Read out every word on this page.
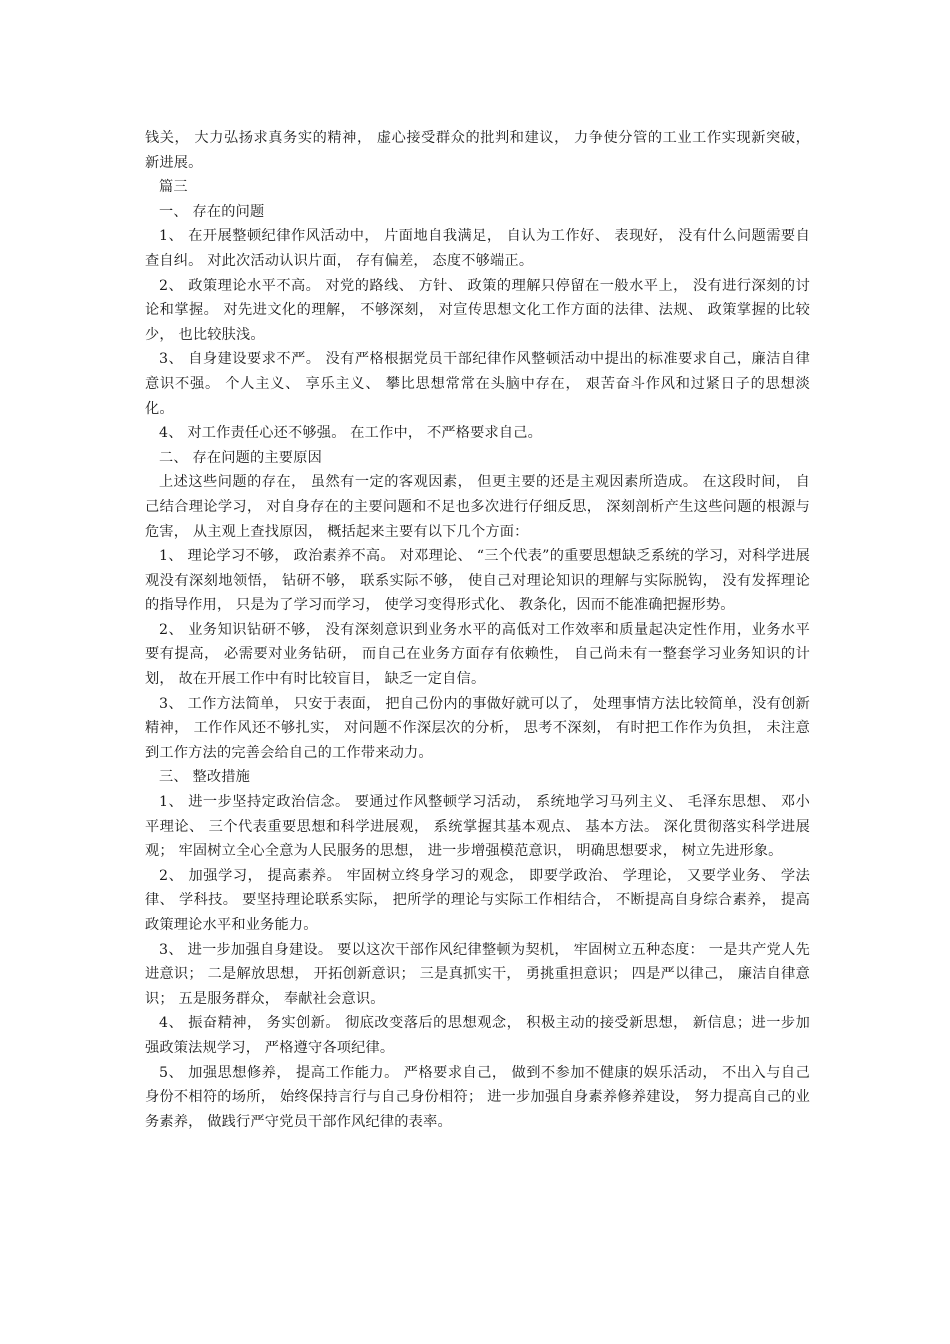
钱关， 大力弘扬求真务实的精神， 虚心接受群众的批判和建议， 力争使分管的工业工作实现新突破， 新进展。

篇三

一、 存在的问题

1、 在开展整顿纪律作风活动中， 片面地自我满足， 自认为工作好、 表现好， 没有什么问题需要自查自纠。 对此次活动认识片面， 存有偏差， 态度不够端正。

2、 政策理论水平不高。 对党的路线、 方针、 政策的理解只停留在一般水平上， 没有进行深刻的讨论和掌握。 对先进文化的理解， 不够深刻， 对宣传思想文化工作方面的法律、法规、 政策掌握的比较少， 也比较肤浅。

3、 自身建设要求不严。 没有严格根据党员干部纪律作风整顿活动中提出的标准要求自己，廉洁自律意识不强。 个人主义、 享乐主义、 攀比思想常常在头脑中存在， 艰苦奋斗作风和过紧日子的思想淡化。

4、 对工作责任心还不够强。 在工作中， 不严格要求自己。

二、 存在问题的主要原因

上述这些问题的存在， 虽然有一定的客观因素， 但更主要的还是主观因素所造成。 在这段时间， 自己结合理论学习， 对自身存在的主要问题和不足也多次进行仔细反思， 深刻剖析产生这些问题的根源与危害， 从主观上查找原因， 概括起来主要有以下几个方面：

1、 理论学习不够， 政治素养不高。 对邓理论、 “三个代表”的重要思想缺乏系统的学习，对科学进展观没有深刻地领悟， 钻研不够， 联系实际不够， 使自己对理论知识的理解与实际脱钩， 没有发挥理论的指导作用， 只是为了学习而学习， 使学习变得形式化、 教条化，因而不能准确把握形势。

2、 业务知识钻研不够， 没有深刻意识到业务水平的高低对工作效率和质量起决定性作用，业务水平要有提高， 必需要对业务钻研， 而自己在业务方面存有依赖性， 自己尚未有一整套学习业务知识的计划， 故在开展工作中有时比较盲目， 缺乏一定自信。

3、 工作方法简单， 只安于表面， 把自己份内的事做好就可以了， 处理事情方法比较简单，没有创新精神， 工作作风还不够扎实， 对问题不作深层次的分析， 思考不深刻， 有时把工作作为负担， 未注意到工作方法的完善会给自己的工作带来动力。

三、 整改措施

1、 进一步坚持定政治信念。 要通过作风整顿学习活动， 系统地学习马列主义、 毛泽东思想、 邓小平理论、 三个代表重要思想和科学进展观， 系统掌握其基本观点、 基本方法。 深化贯彻落实科学进展观； 牢固树立全心全意为人民服务的思想， 进一步增强模范意识， 明确思想要求， 树立先进形象。

2、 加强学习， 提高素养。 牢固树立终身学习的观念， 即要学政治、 学理论， 又要学业务、 学法律、 学科技。 要坚持理论联系实际， 把所学的理论与实际工作相结合， 不断提高自身综合素养， 提高政策理论水平和业务能力。

3、 进一步加强自身建设。 要以这次干部作风纪律整顿为契机， 牢固树立五种态度： 一是共产党人先进意识； 二是解放思想， 开拓创新意识； 三是真抓实干， 勇挑重担意识； 四是严以律己， 廉洁自律意识； 五是服务群众， 奉献社会意识。

4、 振奋精神， 务实创新。 彻底改变落后的思想观念， 积极主动的接受新思想， 新信息；进一步加强政策法规学习， 严格遵守各项纪律。

5、 加强思想修养， 提高工作能力。 严格要求自己， 做到不参加不健康的娱乐活动， 不出入与自己身份不相符的场所， 始终保持言行与自己身份相符； 进一步加强自身素养修养建设， 努力提高自己的业务素养， 做践行严守党员干部作风纪律的表率。
